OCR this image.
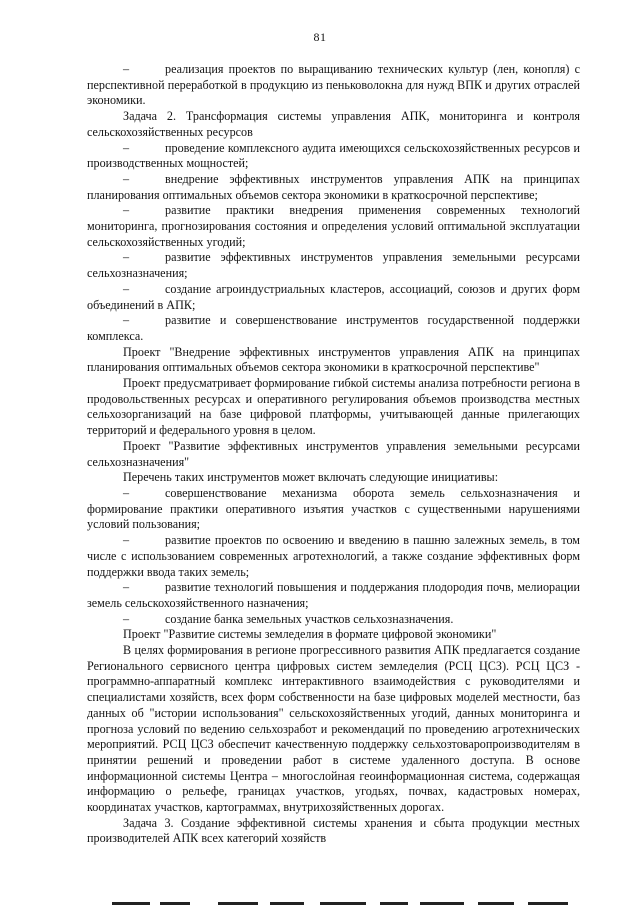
81

–	реализация проектов по выращиванию технических культур (лен, конопля) с перспективной переработкой в продукцию из пеньковолокна для нужд ВПК и других отраслей экономики.

Задача 2. Трансформация системы управления АПК, мониторинга и контроля сельскохозяйственных ресурсов

–	проведение комплексного аудита имеющихся сельскохозяйственных ресурсов и производственных мощностей;

–	внедрение эффективных инструментов управления АПК на принципах планирования оптимальных объемов сектора экономики в краткосрочной перспективе;

–	развитие практики внедрения применения современных технологий мониторинга, прогнозирования состояния и определения условий оптимальной эксплуатации сельскохозяйственных угодий;

–	развитие эффективных инструментов управления земельными ресурсами сельхозназначения;

–	создание агроиндустриальных кластеров, ассоциаций, союзов и других форм объединений в АПК;

–	развитие и совершенствование инструментов государственной поддержки комплекса.

Проект "Внедрение эффективных инструментов управления АПК на принципах планирования оптимальных объемов сектора экономики в краткосрочной перспективе"

Проект предусматривает формирование гибкой системы анализа потребности региона в продовольственных ресурсах и оперативного регулирования объемов производства местных сельхозорганизаций на базе цифровой платформы, учитывающей данные прилегающих территорий и федерального уровня в целом.

Проект "Развитие эффективных инструментов управления земельными ресурсами сельхозназначения"

Перечень таких инструментов может включать следующие инициативы:

–	совершенствование механизма оборота земель сельхозназначения и формирование практики оперативного изъятия участков с существенными нарушениями условий пользования;

–	развитие проектов по освоению и введению в пашню залежных земель, в том числе с использованием современных агротехнологий, а также создание эффективных форм поддержки ввода таких земель;

–	развитие технологий повышения и поддержания плодородия почв, мелиорации земель сельскохозяйственного назначения;

–	создание банка земельных участков сельхозназначения.

Проект "Развитие системы земледелия в формате цифровой экономики"

В целях формирования в регионе прогрессивного развития АПК предлагается создание Регионального сервисного центра цифровых систем земледелия (РСЦ ЦСЗ). РСЦ ЦСЗ - программно-аппаратный комплекс интерактивного взаимодействия с руководителями и специалистами хозяйств, всех форм собственности на базе цифровых моделей местности, баз данных об "истории использования" сельскохозяйственных угодий, данных мониторинга и прогноза условий по ведению сельхозработ и рекомендаций по проведению агротехнических мероприятий. РСЦ ЦСЗ обеспечит качественную поддержку сельхозтоваропроизводителям в принятии решений и проведении работ в системе удаленного доступа. В основе информационной системы Центра – многослойная геоинформационная система, содержащая информацию о рельефе, границах участков, угодьях, почвах, кадастровых номерах, координатах участков, картограммах, внутрихозяйственных дорогах.

Задача 3. Создание эффективной системы хранения и сбыта продукции местных производителей АПК всех категорий хозяйств
